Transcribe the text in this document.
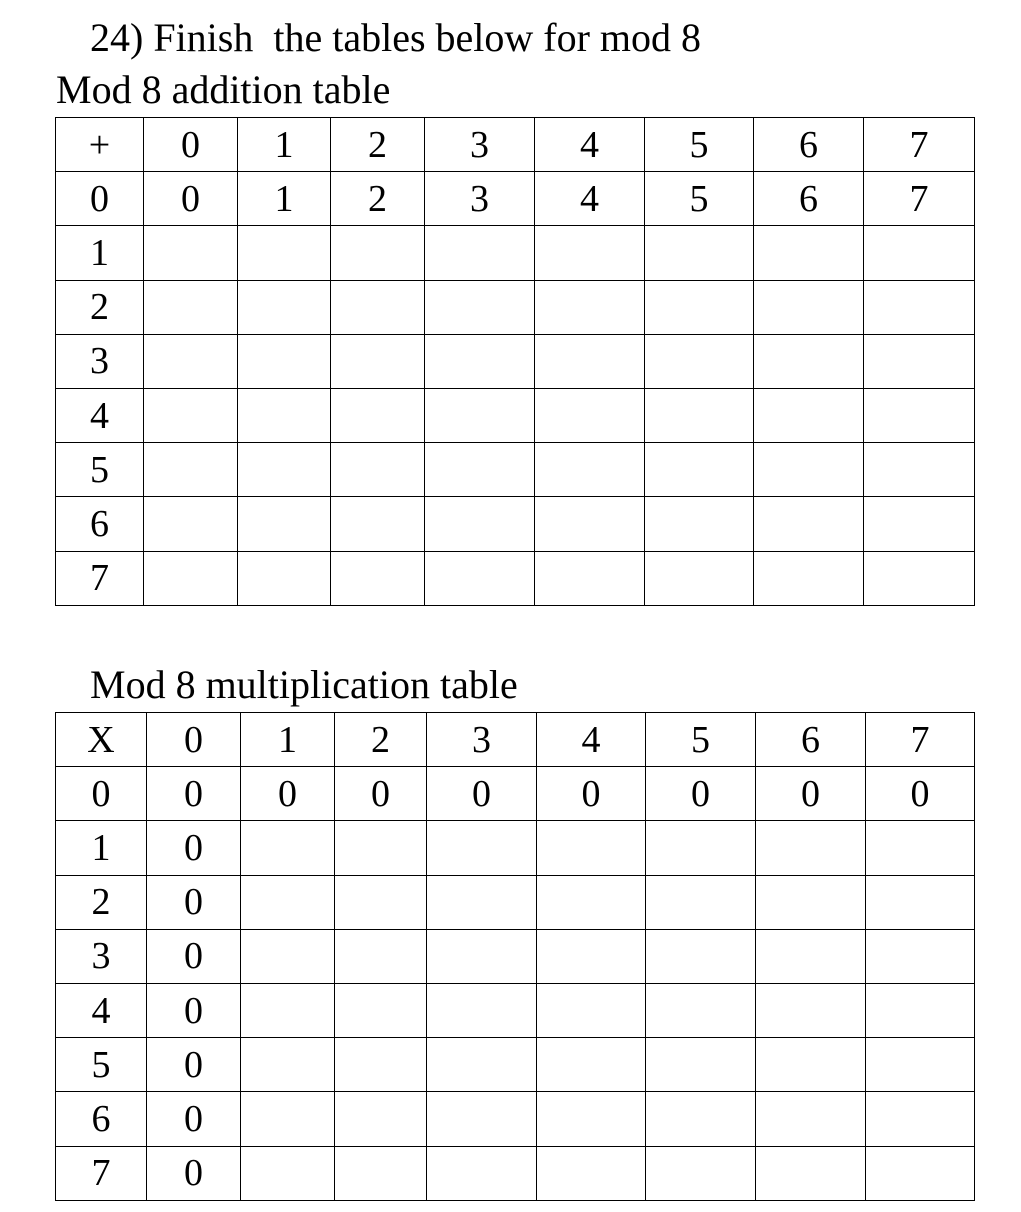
24) Finish  the tables below for mod 8
Mod 8 addition table
+	0	1	2	3	4	5	6	7
0	0	1	2	3	4	5	6	7
1								
2								
3								
4								
5								
6								
7								
Mod 8 multiplication table
X	0	1	2	3	4	5	6	7
0	0	0	0	0	0	0	0	0
1	0							
2	0							
3	0							
4	0							
5	0							
6	0							
7	0							
